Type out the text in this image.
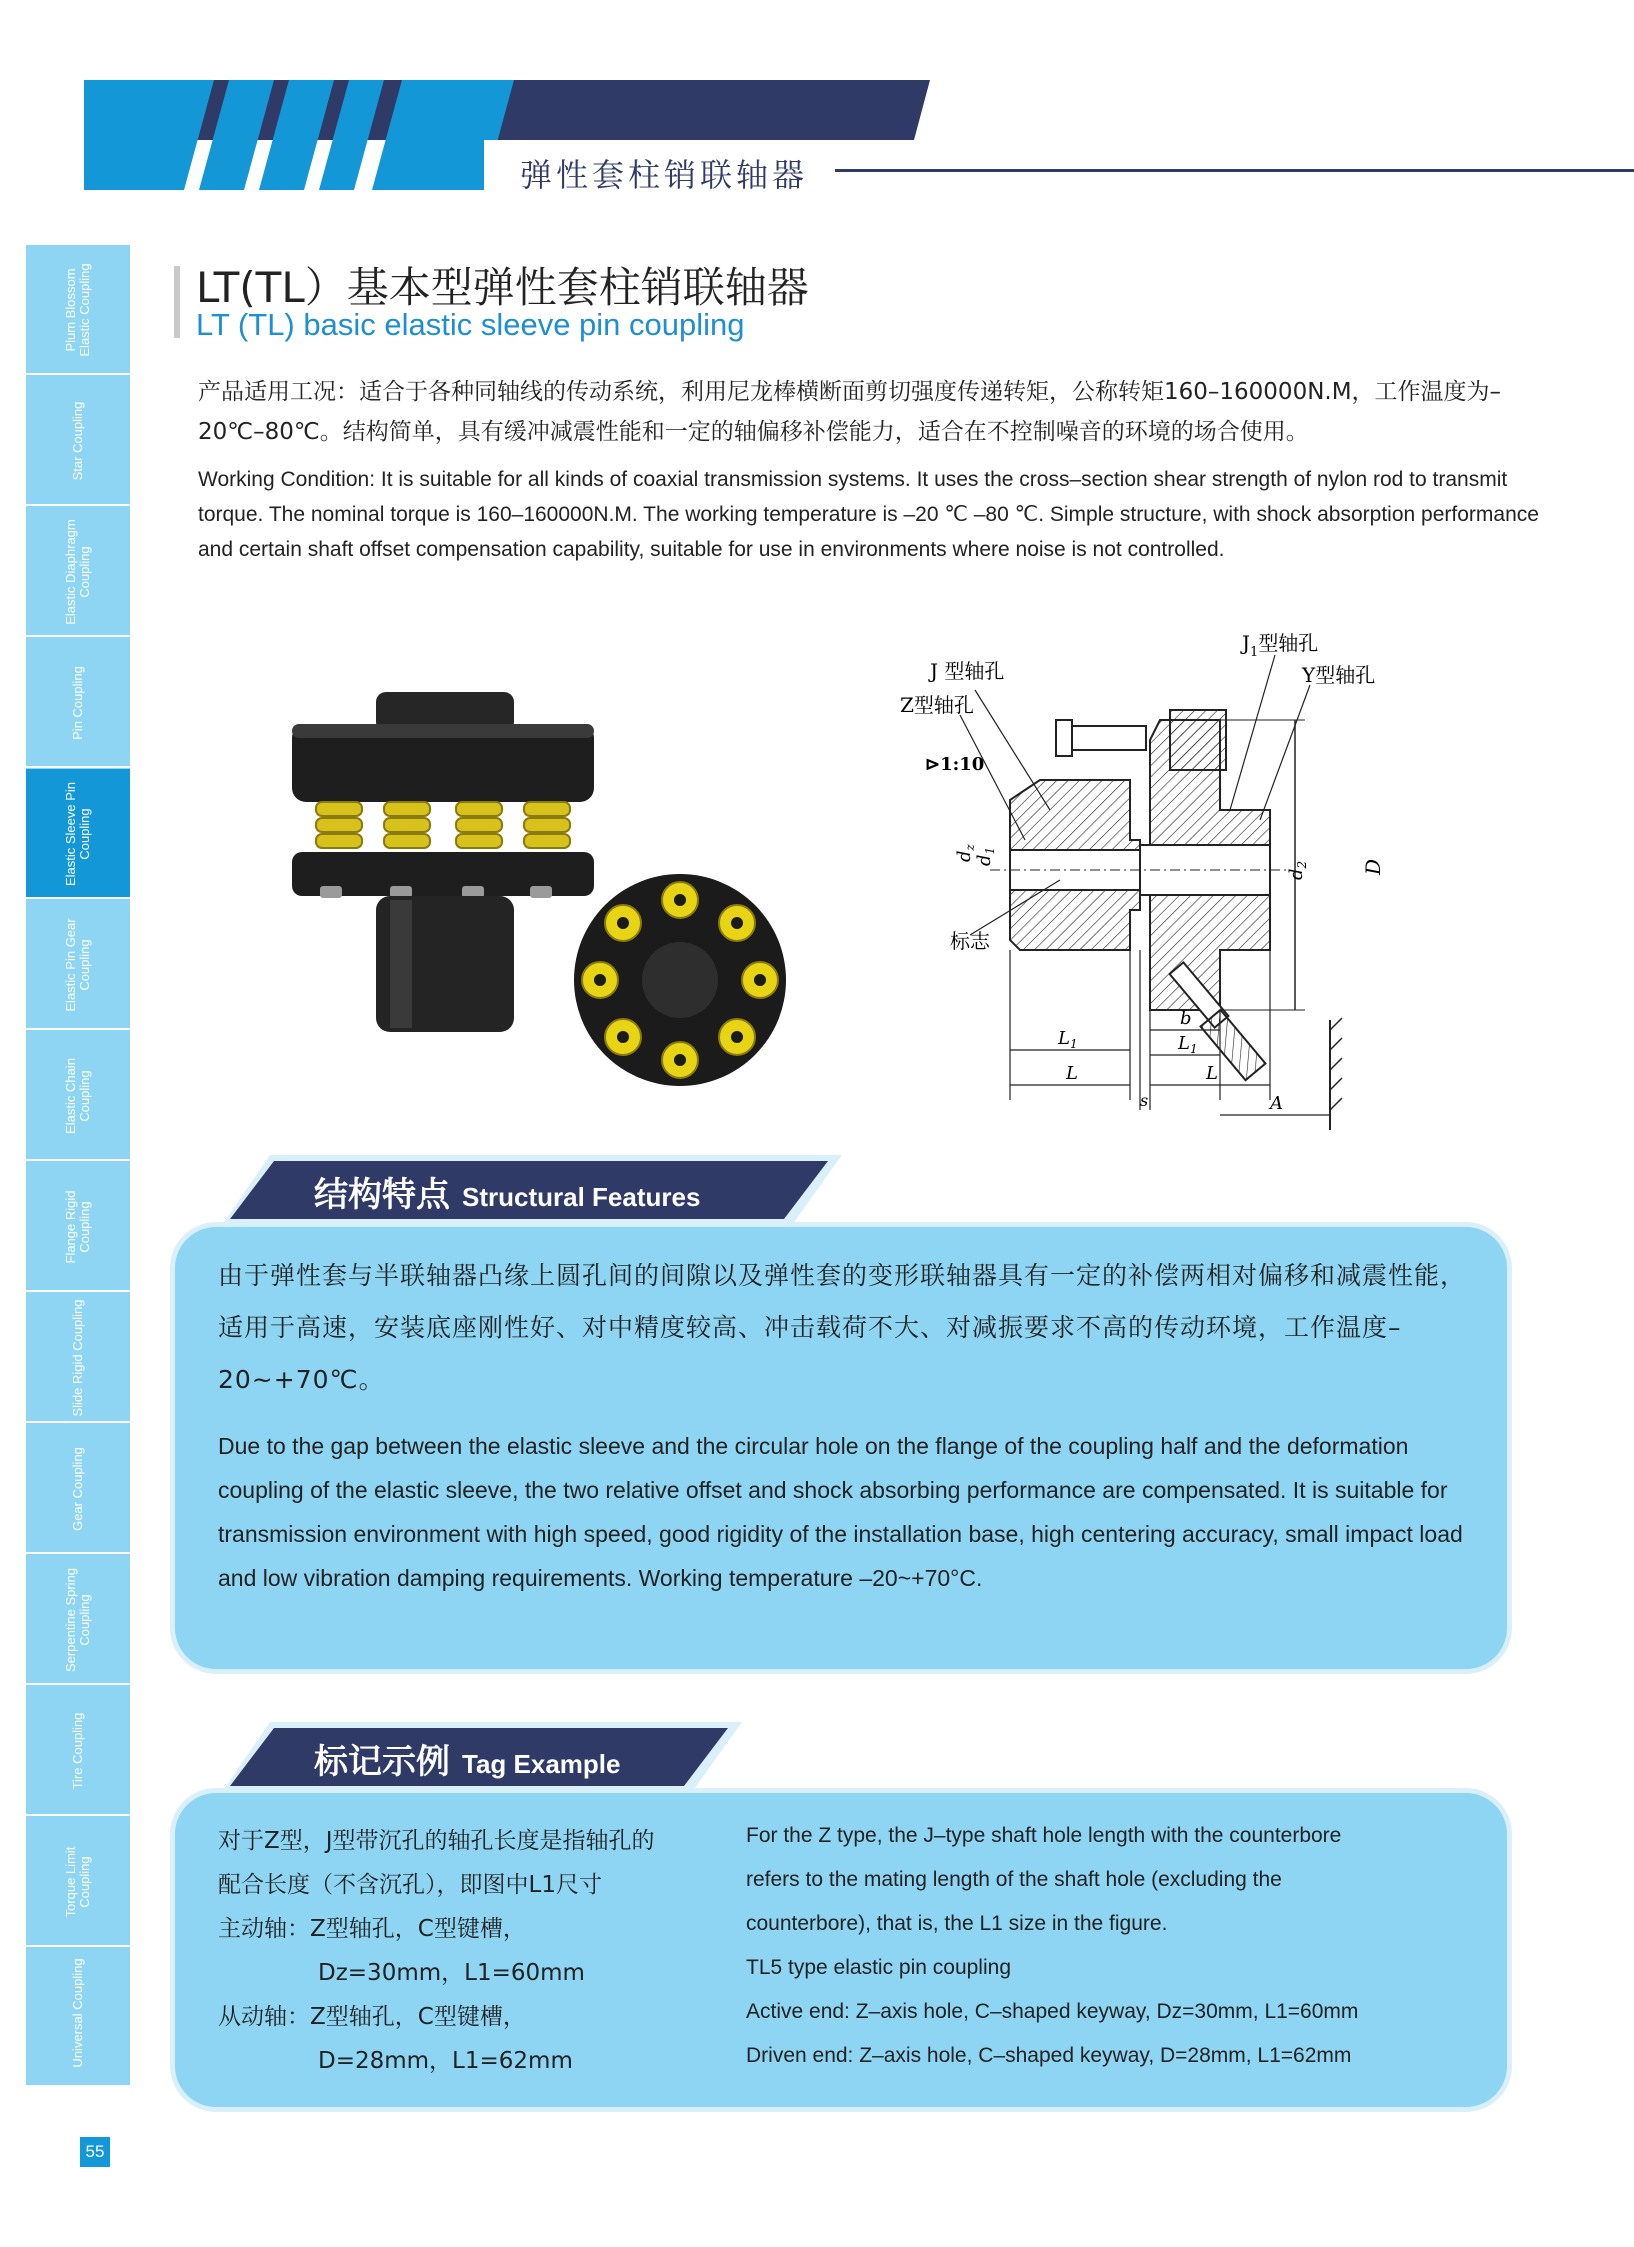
弹性套柱销联轴器
Plum Blossom Elastic Coupling
Star Coupling
Elastic Diaphragm Coupling
Pin Coupling
Elastic Sleeve Pin Coupling
Elastic Pin Gear Coupling
Elastic Chain Coupling
Flange Rigid Coupling
Slide Rigid Coupling
Gear Coupling
Serpentine Spring Coupling
Tire Coupling
Torque Limit Coupling
Universal Coupling
55
LT(TL）基本型弹性套柱销联轴器
LT (TL) basic elastic sleeve pin coupling
产品适用工况：适合于各种同轴线的传动系统，利用尼龙棒横断面剪切强度传递转矩，公称转矩160–160000N.M，工作温度为–20℃–80℃。结构简单，具有缓冲减震性能和一定的轴偏移补偿能力，适合在不控制噪音的环境的场合使用。
Working Condition: It is suitable for all kinds of coaxial transmission systems. It uses the cross–section shear strength of nylon rod to transmit torque. The nominal torque is 160–160000N.M. The working temperature is –20 ℃ –80 ℃. Simple structure, with shock absorption performance and certain shaft offset compensation capability, suitable for use in environments where noise is not controlled.
J 型轴孔
Z型轴孔
$J_1$型轴孔
Y型轴孔
⊳1:10
标志
$d_z$
$d_1$
$d_2$	D
$L_1$
L
b
$L_1$
L
s	A
结构特点 Structural Features
由于弹性套与半联轴器凸缘上圆孔间的间隙以及弹性套的变形联轴器具有一定的补偿两相对偏移和减震性能，适用于高速，安装底座刚性好、对中精度较高、冲击载荷不大、对减振要求不高的传动环境，工作温度–20~+70℃。
Due to the gap between the elastic sleeve and the circular hole on the flange of the coupling half and the deformation coupling of the elastic sleeve, the two relative offset and shock absorbing performance are compensated. It is suitable for transmission environment with high speed, good rigidity of the installation base, high centering accuracy, small impact load and low vibration damping requirements. Working temperature –20~+70°C.
标记示例 Tag Example
对于Z型，J型带沉孔的轴孔长度是指轴孔的
配合长度（不含沉孔），即图中L1尺寸
主动轴：Z型轴孔，C型键槽，
Dz=30mm，L1=60mm
从动轴：Z型轴孔，C型键槽，
D=28mm，L1=62mm
For the Z type, the J–type shaft hole length with the counterbore
refers to the mating length of the shaft hole (excluding the
counterbore), that is, the L1 size in the figure.
TL5 type elastic pin coupling
Active end: Z–axis hole, C–shaped keyway, Dz=30mm, L1=60mm
Driven end: Z–axis hole, C–shaped keyway, D=28mm, L1=62mm
